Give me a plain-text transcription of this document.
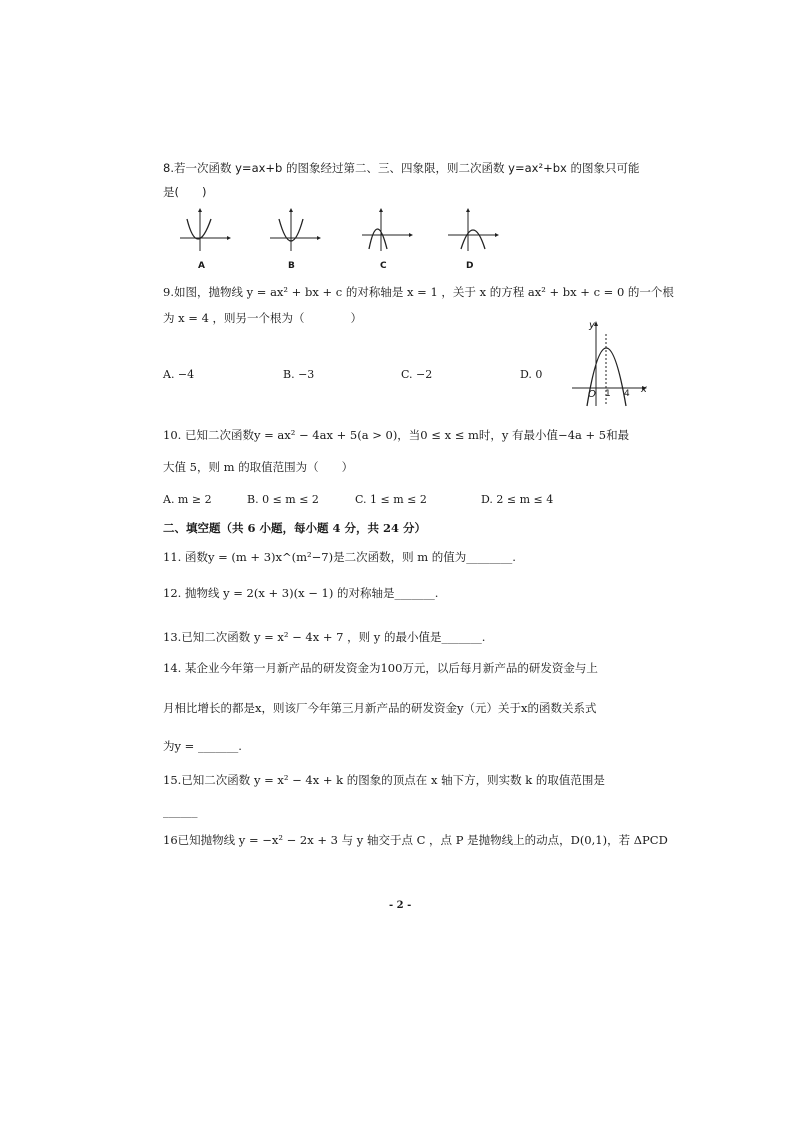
8.若一次函数 y=ax+b 的图象经过第二、三、四象限，则二次函数 y=ax²+bx 的图象只可能
是(　　)
A	B	C	D
9.如图，抛物线 y = ax² + bx + c 的对称轴是 x = 1 ，关于 x 的方程 ax² + bx + c = 0 的一个根
为 x = 4 ，则另一个根为（　　　　）
A. −4	B. −3	C. −2	D. 0
y
x
O 1 4
10. 已知二次函数y = ax² − 4ax + 5(a > 0)，当0 ≤ x ≤ m时，y 有最小值−4a + 5和最
大值 5，则 m 的取值范围为（　　）
A. m ≥ 2	B. 0 ≤ m ≤ 2	C. 1 ≤ m ≤ 2	D. 2 ≤ m ≤ 4
二、填空题（共 6 小题，每小题 4 分，共 24 分）
11. 函数y = (m + 3)x^(m²−7)是二次函数，则 m 的值为________.
12. 抛物线 y = 2(x + 3)(x − 1) 的对称轴是_______.
13.已知二次函数 y = x² − 4x + 7 ，则 y 的最小值是_______.
14. 某企业今年第一月新产品的研发资金为100万元，以后每月新产品的研发资金与上
月相比增长的都是x，则该厂今年第三月新产品的研发资金y（元）关于x的函数关系式
为y = _______.
15.已知二次函数 y = x² − 4x + k 的图象的顶点在 x 轴下方，则实数 k 的取值范围是
______
16已知抛物线 y = −x² − 2x + 3 与 y 轴交于点 C ，点 P 是抛物线上的动点，D(0,1)，若 ΔPCD
- 2 -
